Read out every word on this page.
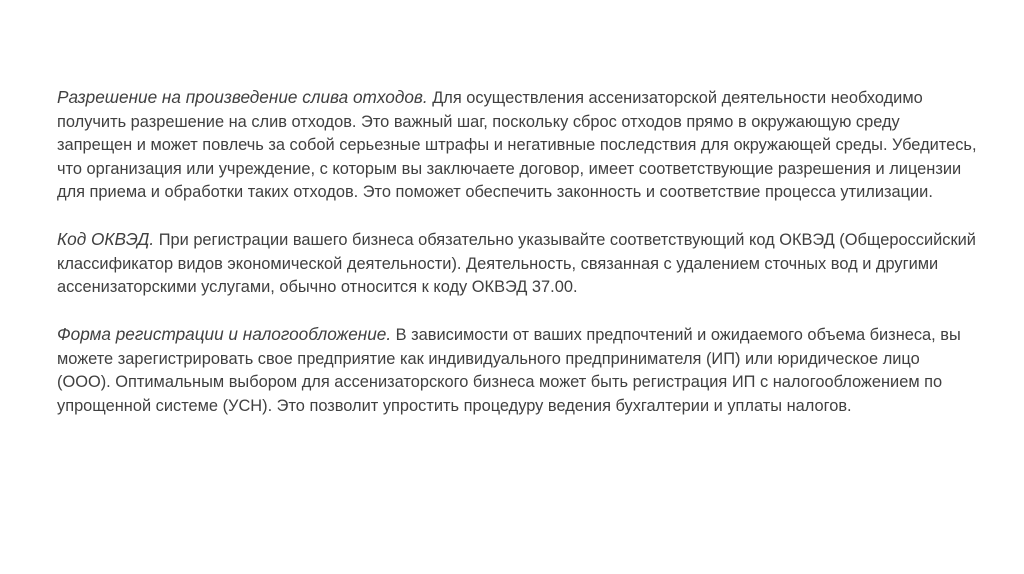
Разрешение на произведение слива отходов. Для осуществления ассенизаторской деятельности необходимо получить разрешение на слив отходов. Это важный шаг, поскольку сброс отходов прямо в окружающую среду запрещен и может повлечь за собой серьезные штрафы и негативные последствия для окружающей среды. Убедитесь, что организация или учреждение, с которым вы заключаете договор, имеет соответствующие разрешения и лицензии для приема и обработки таких отходов. Это поможет обеспечить законность и соответствие процесса утилизации.

Код ОКВЭД. При регистрации вашего бизнеса обязательно указывайте соответствующий код ОКВЭД (Общероссийский классификатор видов экономической деятельности). Деятельность, связанная с удалением сточных вод и другими ассенизаторскими услугами, обычно относится к коду ОКВЭД 37.00.

Форма регистрации и налогообложение. В зависимости от ваших предпочтений и ожидаемого объема бизнеса, вы можете зарегистрировать свое предприятие как индивидуального предпринимателя (ИП) или юридическое лицо (ООО). Оптимальным выбором для ассенизаторского бизнеса может быть регистрация ИП с налогообложением по упрощенной системе (УСН). Это позволит упростить процедуру ведения бухгалтерии и уплаты налогов.
